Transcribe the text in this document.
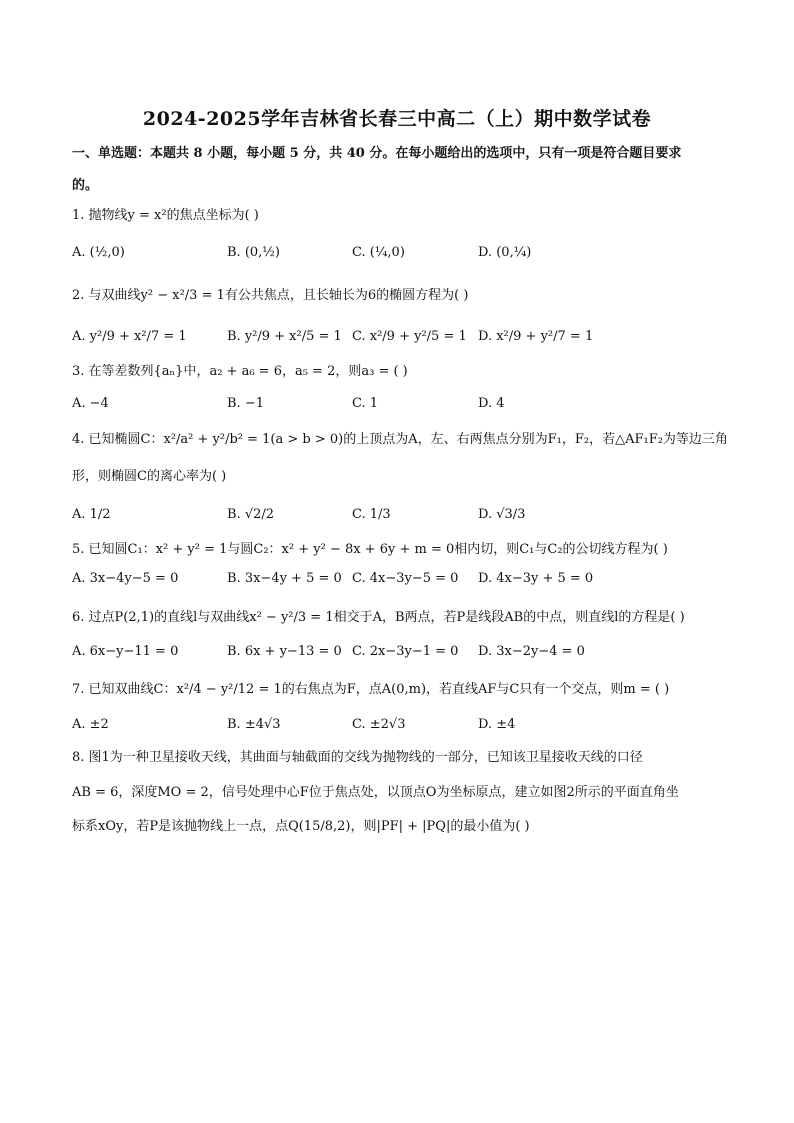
2024-2025学年吉林省长春三中高二（上）期中数学试卷
一、单选题：本题共 8 小题，每小题 5 分，共 40 分。在每小题给出的选项中，只有一项是符合题目要求
的。
1. 抛物线y = x²的焦点坐标为( )
A. (½,0)	B. (0,½)	C. (¼,0)	D. (0,¼)
2. 与双曲线y² − x²/3 = 1有公共焦点，且长轴长为6的椭圆方程为( )
A. y²/9 + x²/7 = 1	B. y²/9 + x²/5 = 1 C. x²/9 + y²/5 = 1 D. x²/9 + y²/7 = 1
3. 在等差数列{aₙ}中，a₂ + a₆ = 6，a₅ = 2，则a₃ = ( )
A. −4	B. −1	C. 1	D. 4
4. 已知椭圆C：x²/a² + y²/b² = 1(a > b > 0)的上顶点为A，左、右两焦点分别为F₁，F₂，若△AF₁F₂为等边三角
形，则椭圆C的离心率为( )
A. 1/2	B. √2/2	C. 1/3	D. √3/3
5. 已知圆C₁：x² + y² = 1与圆C₂：x² + y² − 8x + 6y + m = 0相内切，则C₁与C₂的公切线方程为( )
A. 3x−4y−5 = 0	B. 3x−4y + 5 = 0 C. 4x−3y−5 = 0 D. 4x−3y + 5 = 0
6. 过点P(2,1)的直线l与双曲线x² − y²/3 = 1相交于A，B两点，若P是线段AB的中点，则直线l的方程是( )
A. 6x−y−11 = 0	B. 6x + y−13 = 0 C. 2x−3y−1 = 0 D. 3x−2y−4 = 0
7. 已知双曲线C：x²/4 − y²/12 = 1的右焦点为F，点A(0,m)，若直线AF与C只有一个交点，则m = ( )
A. ±2	B. ±4√3	C. ±2√3	D. ±4
8. 图1为一种卫星接收天线，其曲面与轴截面的交线为抛物线的一部分，已知该卫星接收天线的口径
AB = 6，深度MO = 2，信号处理中心F位于焦点处，以顶点O为坐标原点，建立如图2所示的平面直角坐
标系xOy，若P是该抛物线上一点，点Q(15/8,2)，则|PF| + |PQ|的最小值为( )
